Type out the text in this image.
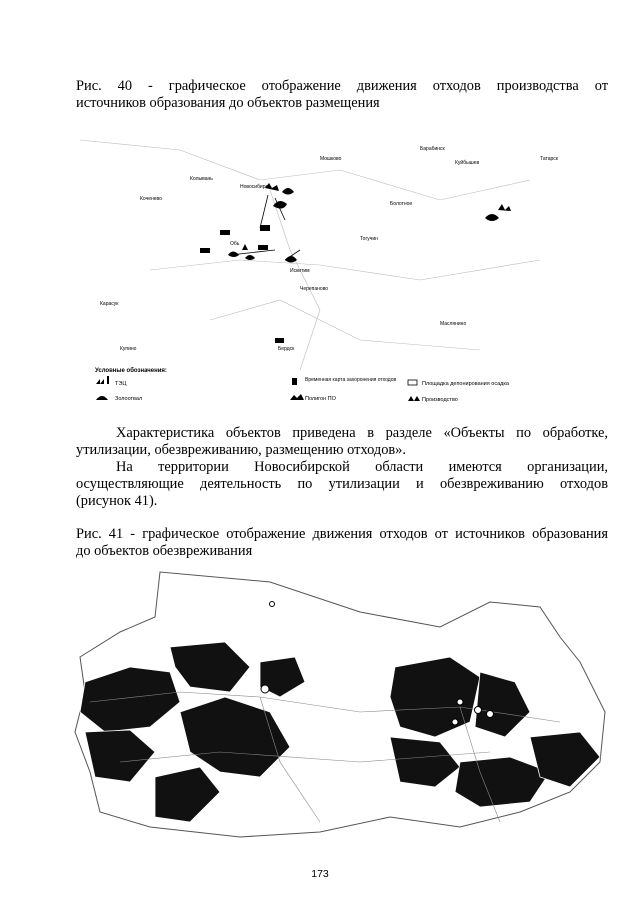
Рис. 40 - графическое отображение движения отходов производства от
источников образования до объектов размещения
Новосибирск
Куйбышев
Карасук
Бердск
Искитим
Обь
Коченево
Колывань
Тогучин
Черепаново
Мошково
Барабинск
Татарск
Купино
Болотное
Маслянино
Условные обозначения:
ТЭЦ
Золоотвал
Временная карта захоронения отходов
Полигон ПО
Площадка депонирования осадка
Производство
Характеристика объектов приведена в разделе «Объекты по обработке,
утилизации, обезвреживанию, размещению отходов».
На территории Новосибирской области имеются организации,
осуществляющие деятельность по утилизации и обезвреживанию отходов
(рисунок 41).
Рис. 41 - графическое отображение движения отходов от источников образования
до объектов обезвреживания
173
